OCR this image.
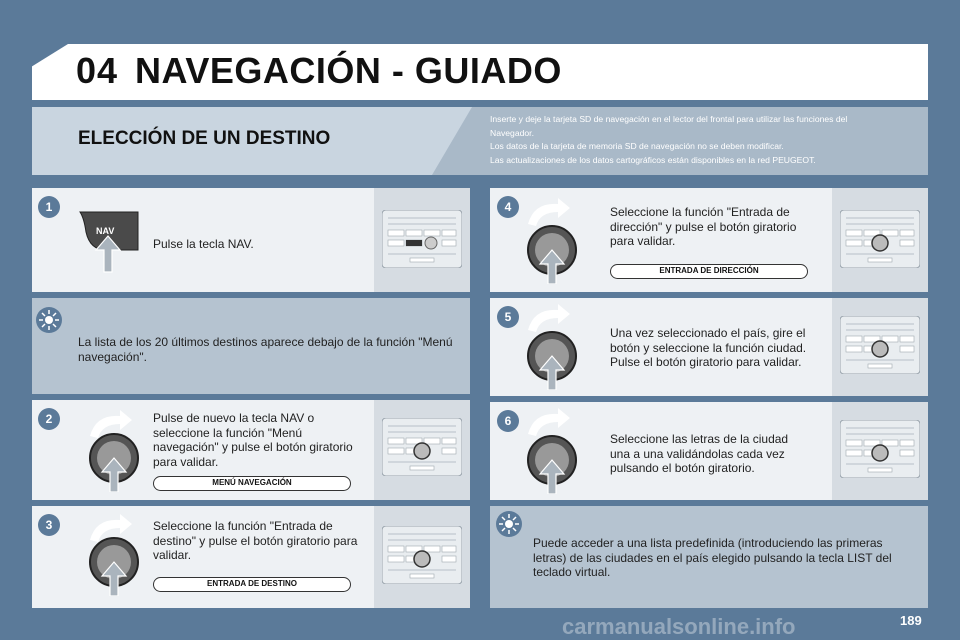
04 NAVEGACIÓN - GUIADO
ELECCIÓN DE UN DESTINO
Inserte y deje la tarjeta SD de navegación en el lector del frontal para utilizar las funciones del
Navegador.
Los datos de la tarjeta de memoria SD de navegación no se deben modificar.
Las actualizaciones de los datos cartográficos están disponibles en la red PEUGEOT.
1
NAV
Pulse la tecla NAV.
La lista de los 20 últimos destinos aparece debajo de la función "Menú navegación".
2	Pulse de nuevo la tecla NAV o seleccione la función "Menú navegación" y pulse el botón giratorio para validar.
MENÚ NAVEGACIÓN
3	Seleccione la función "Entrada de destino" y pulse el botón giratorio para validar.
ENTRADA DE DESTINO
4	Seleccione la función "Entrada de dirección" y pulse el botón giratorio para validar.
ENTRADA DE DIRECCIÓN
5
Una vez seleccionado el país, gire el botón y seleccione la función ciudad. Pulse el botón giratorio para validar.
6
Seleccione las letras de la ciudad una a una validándolas cada vez pulsando el botón giratorio.
Puede acceder a una lista predefinida (introduciendo las primeras letras) de las ciudades en el país elegido pulsando la tecla LIST del teclado virtual.
carmanualsonline.info	189
